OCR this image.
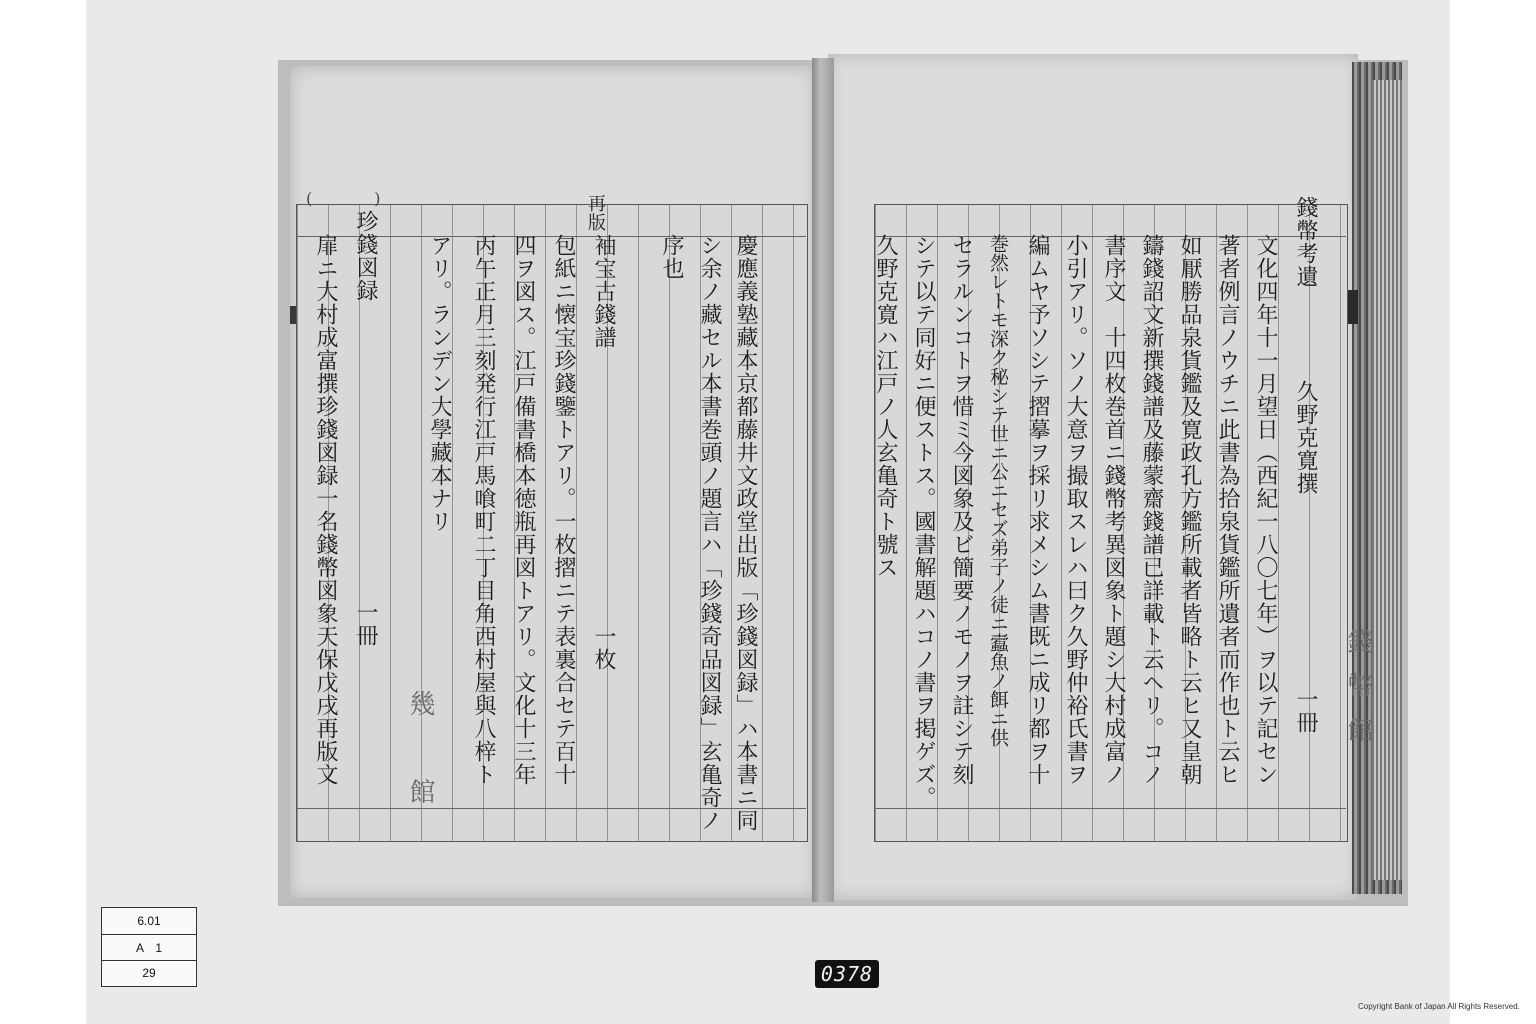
(　　)
慶應義塾藏本京都藤井文政堂出版「珍錢図録」ハ本書ニ同
シ余ノ藏セル本書巻頭ノ題言ハ「珍錢奇品図録」玄亀奇ノ
序也
再版
袖宝古錢譜　　　　　　　　　　　　一枚
包紙ニ懐宝珍錢鑒トアリ。一枚摺ニテ表裏合セテ百十
四ヲ図ス。江戸備書橋本徳瓶再図トアリ。文化十三年
丙午正月三刻発行江戸馬喰町二丁目角西村屋與八梓ト
アリ。ランデン大學藏本ナリ
珍錢図録　　　　　　　　　　　　　一冊
扉ニ大村成富撰珍錢図録一名錢幣図象天保戊戌再版文	幾　館
錢幣考遺　　　　久野克寛撰
文化四年十一月望日（西紀一八〇七年）ヲ以テ記セン
著者例言ノウチニ此書為拾泉貨鑑所遺者而作也ト云ヒ
如厭勝品泉貨鑑及寛政孔方鑑所載者皆略ト云ヒ又皇朝
鑄錢詔文新撰錢譜及藤蒙齋錢譜已詳載ト云ヘリ。コノ
書序文　十四枚巻首ニ錢幣考異図象ト題シ大村成富ノ
小引アリ。ソノ大意ヲ撮取スレハ曰ク久野仲裕氏書ヲ
編ムヤ予ソシテ摺摹ヲ採リ求メシム書既ニ成リ都ヲ十
巻然レトモ深ク秘シテ世ニ公ニセズ弟子ノ徒ニ蠧魚ノ餌ニ供
セラルンコトヲ惜ミ今図象及ビ簡要ノモノヲ註シテ刻
シテ以テ同好ニ便ストス。國書解題ハコノ書ヲ掲ゲズ。
久野克寛ハ江戸ノ人玄亀奇ト號ス
一冊 錢幣館
6.01
A　1
29	0378
Copyright Bank of Japan All Rights Reserved.
